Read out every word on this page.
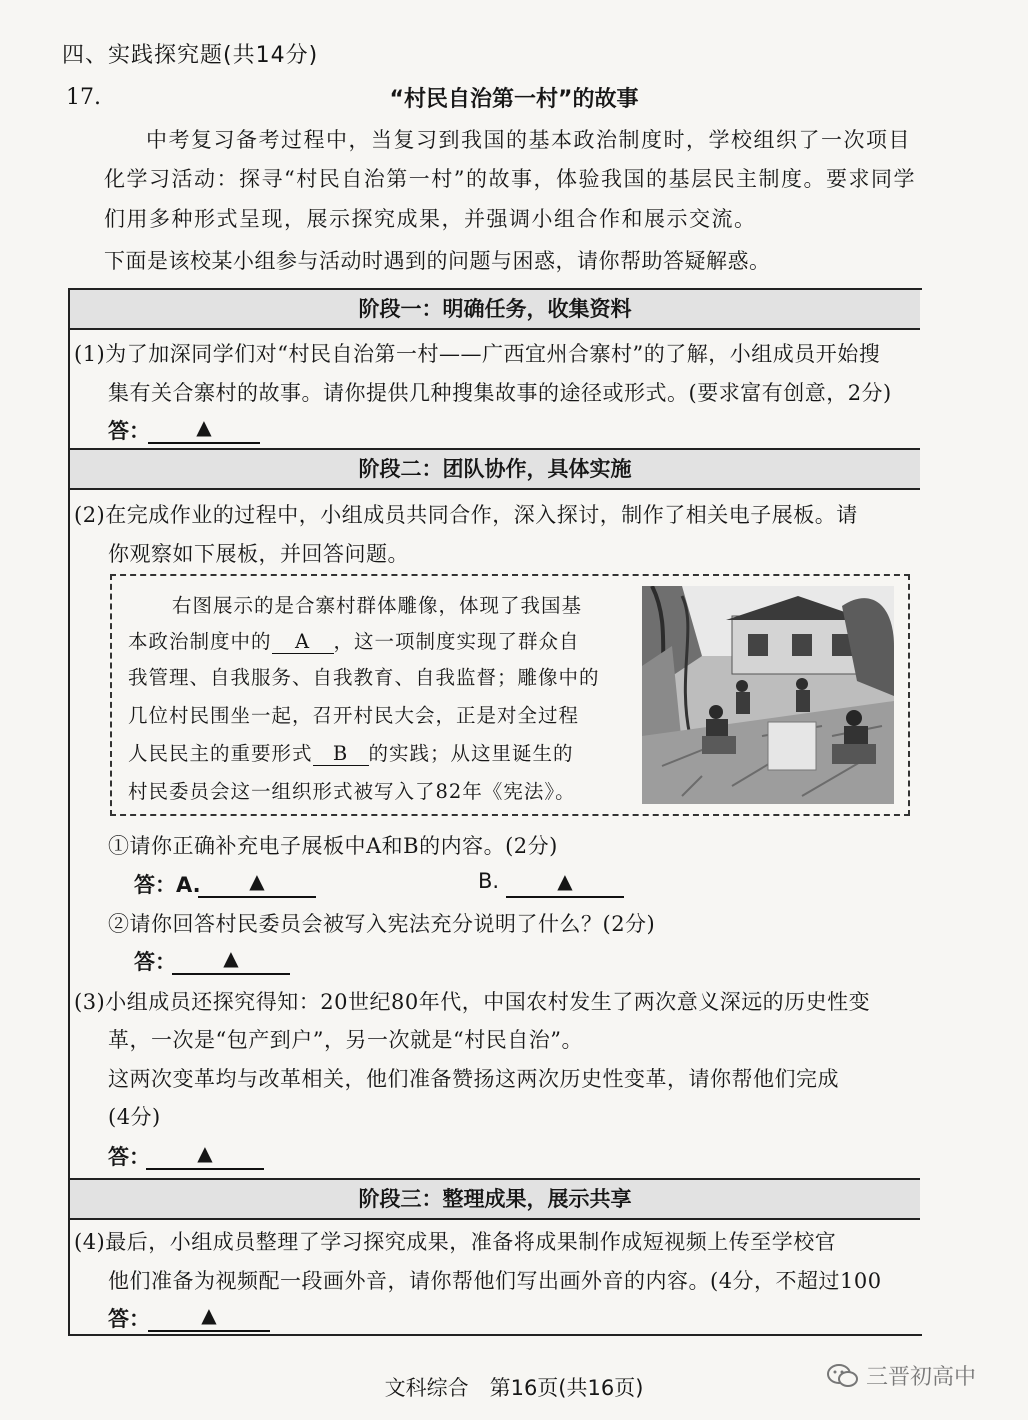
四、实践探究题(共14分)
17.	“村民自治第一村”的故事
中考复习备考过程中，当复习到我国的基本政治制度时，学校组织了一次项目
化学习活动：探寻“村民自治第一村”的故事，体验我国的基层民主制度。要求同学
们用多种形式呈现，展示探究成果，并强调小组合作和展示交流。
下面是该校某小组参与活动时遇到的问题与困惑，请你帮助答疑解惑。
阶段一：明确任务，收集资料
(1)为了加深同学们对“村民自治第一村——广西宜州合寨村”的了解，小组成员开始搜
集有关合寨村的故事。请你提供几种搜集故事的途径或形式。(要求富有创意，2分)
答：	▲
阶段二：团队协作，具体实施
(2)在完成作业的过程中，小组成员共同合作，深入探讨，制作了相关电子展板。请
你观察如下展板，并回答问题。
右图展示的是合寨村群体雕像，体现了我国基
本政治制度中的 A ，这一项制度实现了群众自
我管理、自我服务、自我教育、自我监督；雕像中的
几位村民围坐一起，召开村民大会，正是对全过程
人民民主的重要形式 B 的实践；从这里诞生的
村民委员会这一组织形式被写入了82年《宪法》。
①请你正确补充电子展板中A和B的内容。(2分)
答：A.	▲	B.	▲
②请你回答村民委员会被写入宪法充分说明了什么？(2分)
答：	▲
(3)小组成员还探究得知：20世纪80年代，中国农村发生了两次意义深远的历史性变
革，一次是“包产到户”，另一次就是“村民自治”。
这两次变革均与改革相关，他们准备赞扬这两次历史性变革，请你帮他们完成
(4分)
答：	▲
阶段三：整理成果，展示共享
(4)最后，小组成员整理了学习探究成果，准备将成果制作成短视频上传至学校官
他们准备为视频配一段画外音，请你帮他们写出画外音的内容。(4分，不超过100
答：	▲
文科综合　第16页(共16页)	三晋初高中
